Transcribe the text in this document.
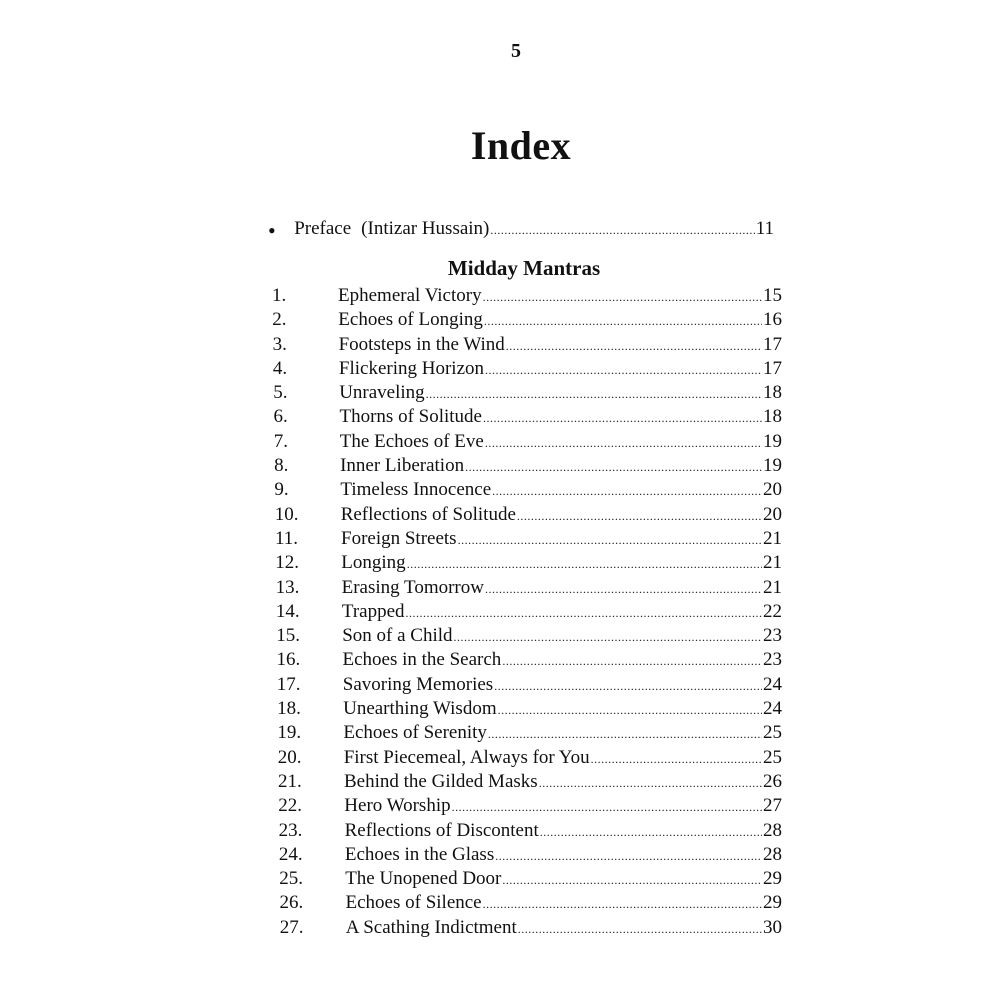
5
Index
• Preface (Intizar Hussain) .....	11
Midday Mantras
1.	Ephemeral Victory .....	15
2.	Echoes of Longing .....	16
3.	Footsteps in the Wind .....	17
4.	Flickering Horizon .....	17
5.	Unraveling .....	18
6.	Thorns of Solitude .....	18
7.	The Echoes of Eve .....	19
8.	Inner Liberation .....	19
9.	Timeless Innocence .....	20
10.	Reflections of Solitude .....	20
11.	Foreign Streets .....	21
12.	Longing .....	21
13.	Erasing Tomorrow .....	21
14.	Trapped .....	22
15.	Son of a Child .....	23
16.	Echoes in the Search .....	23
17.	Savoring Memories .....	24
18.	Unearthing Wisdom .....	24
19.	Echoes of Serenity .....	25
20.	First Piecemeal, Always for You .....	25
21.	Behind the Gilded Masks .....	26
22.	Hero Worship .....	27
23.	Reflections of Discontent .....	28
24.	Echoes in the Glass .....	28
25.	The Unopened Door .....	29
26.	Echoes of Silence .....	29
27.	A Scathing Indictment .....	30
